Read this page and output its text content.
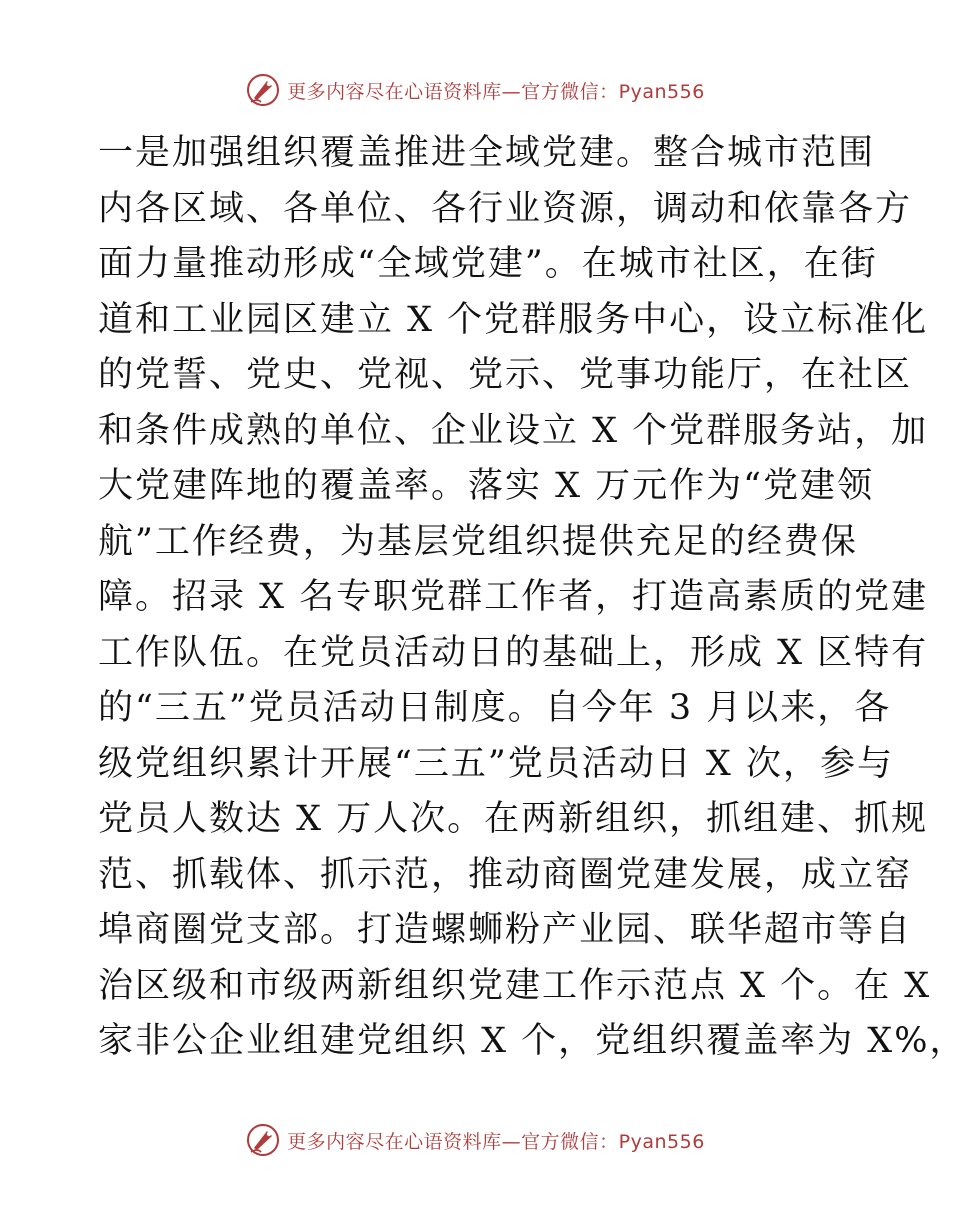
更多内容尽在心语资料库—官方微信：Pyan556
一是加强组织覆盖推进全域党建。整合城市范围
内各区域、各单位、各行业资源，调动和依靠各方
面力量推动形成“全域党建”。在城市社区，在街
道和工业园区建立 X 个党群服务中心，设立标准化
的党誓、党史、党视、党示、党事功能厅，在社区
和条件成熟的单位、企业设立 X 个党群服务站，加
大党建阵地的覆盖率。落实 X 万元作为“党建领
航”工作经费，为基层党组织提供充足的经费保
障。招录 X 名专职党群工作者，打造高素质的党建
工作队伍。在党员活动日的基础上，形成 X 区特有
的“三五”党员活动日制度。自今年 3 月以来，各
级党组织累计开展“三五”党员活动日 X 次，参与
党员人数达 X 万人次。在两新组织，抓组建、抓规
范、抓载体、抓示范，推动商圈党建发展，成立窑
埠商圈党支部。打造螺蛳粉产业园、联华超市等自
治区级和市级两新组织党建工作示范点 X 个。在 X
家非公企业组建党组织 X 个，党组织覆盖率为 X%，
更多内容尽在心语资料库—官方微信：Pyan556
